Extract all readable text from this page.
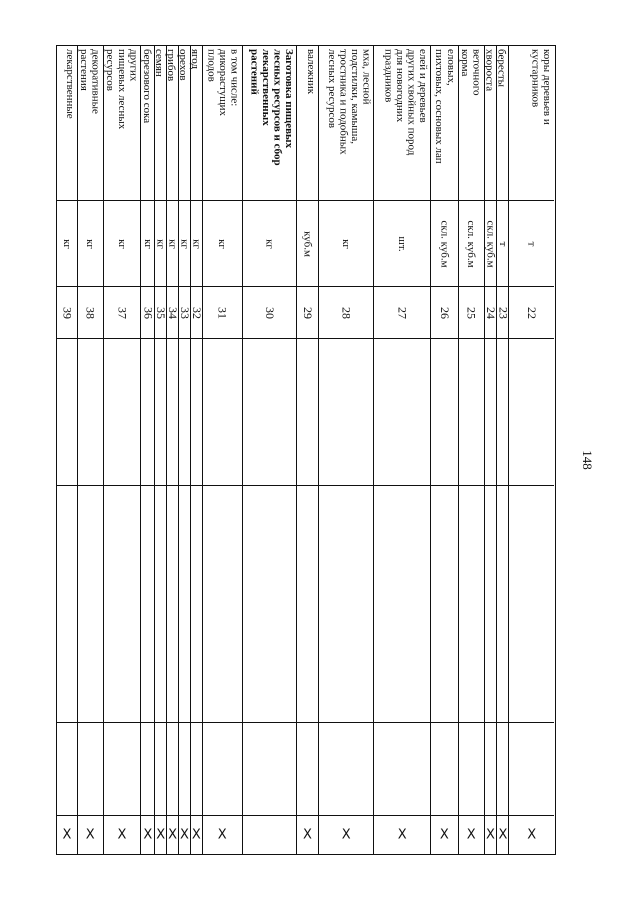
148
коры деревьев и
кустарников
т
22
X
бересты
т
23
X
хвороста
скл. куб.м
24
X
веточного
корма
скл. куб.м
25
X
еловых,
пихтовых, сосновых лап
скл. куб.м
26
X
елей и деревьев
других хвойных пород
для новогодних
праздников
шт.
27
X
мха, лесной
подстилки, камыша,
тростника и подобных
лесных ресурсов
кг
28
X
валежник
куб.м
29
X
Заготовка пищевых
лесных ресурсов и сбор
лекарственных
растений
кг
30
в том числе:
дикорастущих
плодов
кг
31
X
ягод
кг
32
X
орехов
кг
33
X
грибов
кг
34
X
семян
кг
35
X
березового сока
кг
36
X
других
пищевых лесных
ресурсов
кг
37
X
декоративные
растения
кг
38
X
лекарственные
кг
39
X
